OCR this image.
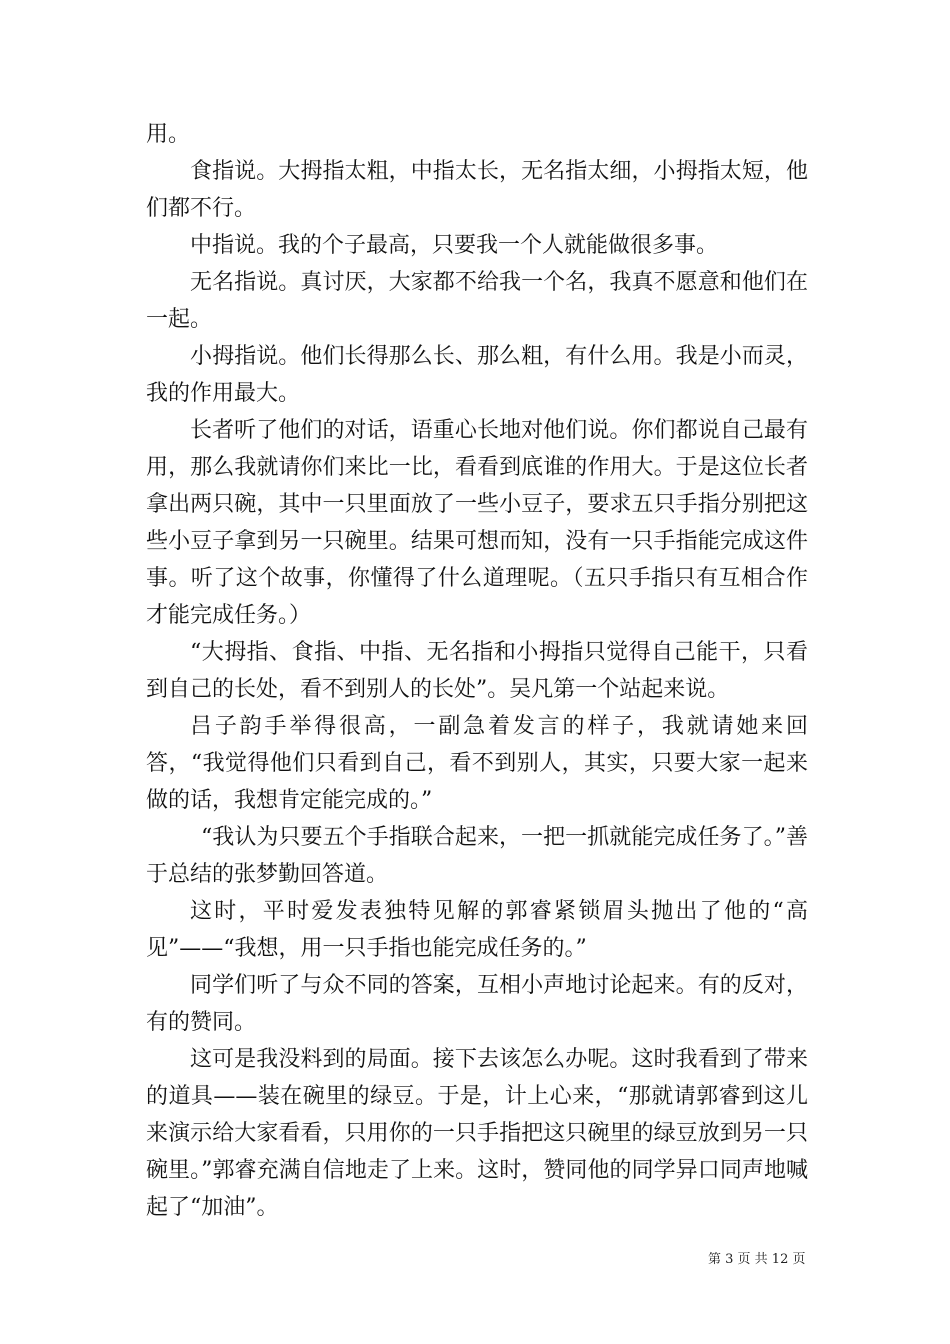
用。

食指说。大拇指太粗，中指太长，无名指太细，小拇指太短，他们都不行。

中指说。我的个子最高，只要我一个人就能做很多事。

无名指说。真讨厌，大家都不给我一个名，我真不愿意和他们在一起。

小拇指说。他们长得那么长、那么粗，有什么用。我是小而灵，我的作用最大。

长者听了他们的对话，语重心长地对他们说。你们都说自己最有用，那么我就请你们来比一比，看看到底谁的作用大。于是这位长者拿出两只碗，其中一只里面放了一些小豆子，要求五只手指分别把这些小豆子拿到另一只碗里。结果可想而知，没有一只手指能完成这件事。听了这个故事，你懂得了什么道理呢。（五只手指只有互相合作才能完成任务。）

“大拇指、食指、中指、无名指和小拇指只觉得自己能干，只看到自己的长处，看不到别人的长处”。吴凡第一个站起来说。

吕子韵手举得很高，一副急着发言的样子，我就请她来回答，“我觉得他们只看到自己，看不到别人，其实，只要大家一起来做的话，我想肯定能完成的。”

“我认为只要五个手指联合起来，一把一抓就能完成任务了。”善于总结的张梦勤回答道。

这时，平时爱发表独特见解的郭睿紧锁眉头抛出了他的“高见”——“我想，用一只手指也能完成任务的。”

同学们听了与众不同的答案，互相小声地讨论起来。有的反对，有的赞同。

这可是我没料到的局面。接下去该怎么办呢。这时我看到了带来的道具——装在碗里的绿豆。于是，计上心来，“那就请郭睿到这儿来演示给大家看看，只用你的一只手指把这只碗里的绿豆放到另一只碗里。”郭睿充满自信地走了上来。这时，赞同他的同学异口同声地喊起了“加油”。

第 3 页 共 12 页
